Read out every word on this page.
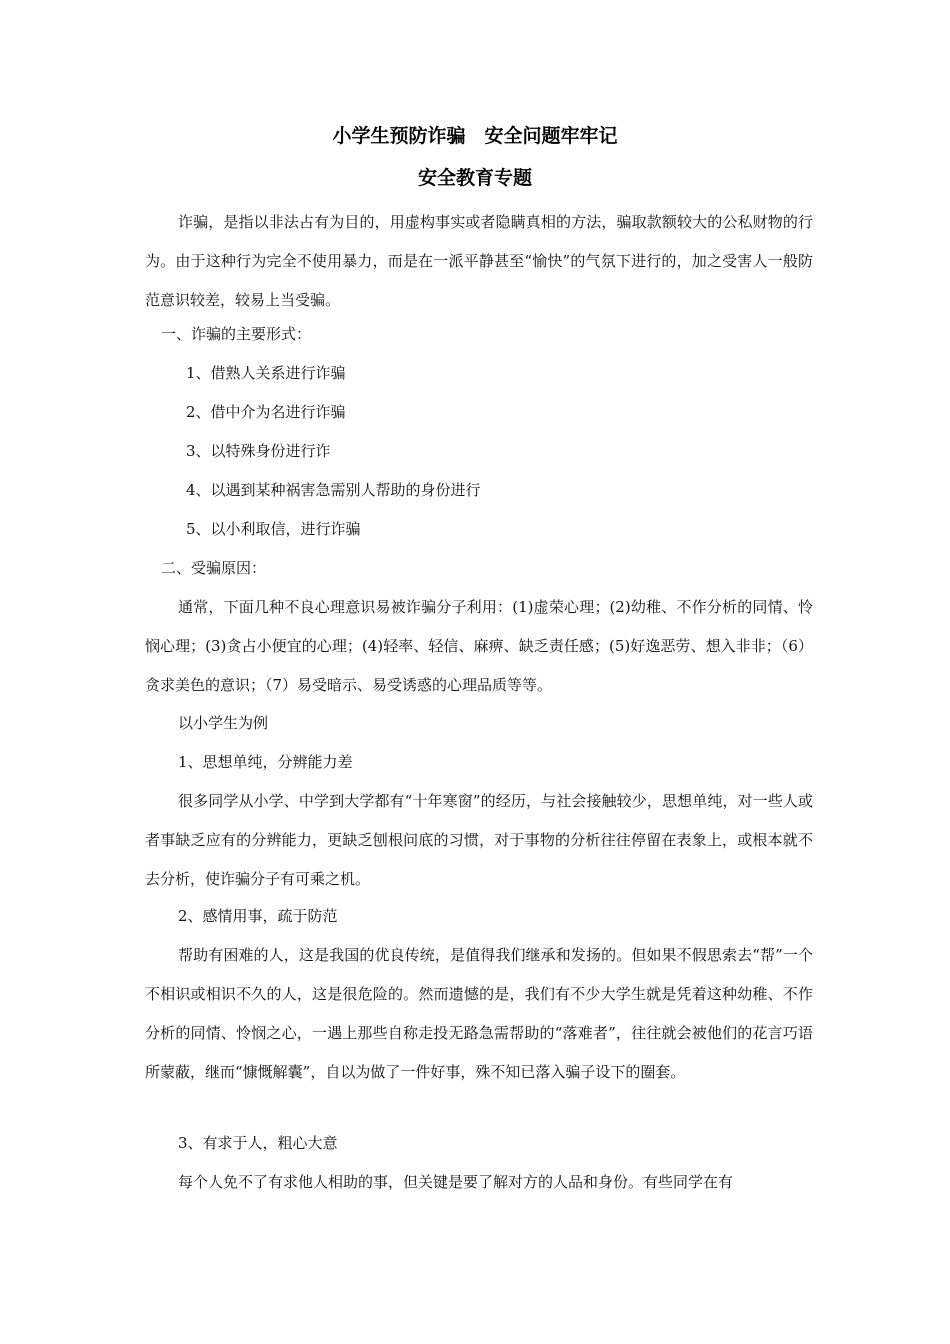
小学生预防诈骗　安全问题牢牢记
安全教育专题

诈骗，是指以非法占有为目的，用虚构事实或者隐瞒真相的方法，骗取款额较大的公私财物的行为。由于这种行为完全不使用暴力，而是在一派平静甚至“愉快”的气氛下进行的，加之受害人一般防范意识较差，较易上当受骗。

一、诈骗的主要形式：

1、借熟人关系进行诈骗

2、借中介为名进行诈骗

3、以特殊身份进行诈

4、以遇到某种祸害急需别人帮助的身份进行

5、以小利取信，进行诈骗

二、受骗原因：

通常，下面几种不良心理意识易被诈骗分子利用：(1)虚荣心理；(2)幼稚、不作分析的同情、怜悯心理；(3)贪占小便宜的心理；(4)轻率、轻信、麻痹、缺乏责任感；(5)好逸恶劳、想入非非；（6）贪求美色的意识；（7）易受暗示、易受诱惑的心理品质等等。

以小学生为例

1、思想单纯，分辨能力差

很多同学从小学、中学到大学都有“十年寒窗”的经历，与社会接触较少，思想单纯，对一些人或者事缺乏应有的分辨能力，更缺乏刨根问底的习惯，对于事物的分析往往停留在表象上，或根本就不去分析，使诈骗分子有可乘之机。

2、感情用事，疏于防范

帮助有困难的人，这是我国的优良传统，是值得我们继承和发扬的。但如果不假思索去“帮”一个不相识或相识不久的人，这是很危险的。然而遗憾的是，我们有不少大学生就是凭着这种幼稚、不作分析的同情、怜悯之心，一遇上那些自称走投无路急需帮助的“落难者”，往往就会被他们的花言巧语所蒙蔽，继而“慷慨解囊”，自以为做了一件好事，殊不知已落入骗子设下的圈套。

3、有求于人，粗心大意

每个人免不了有求他人相助的事，但关键是要了解对方的人品和身份。有些同学在有
